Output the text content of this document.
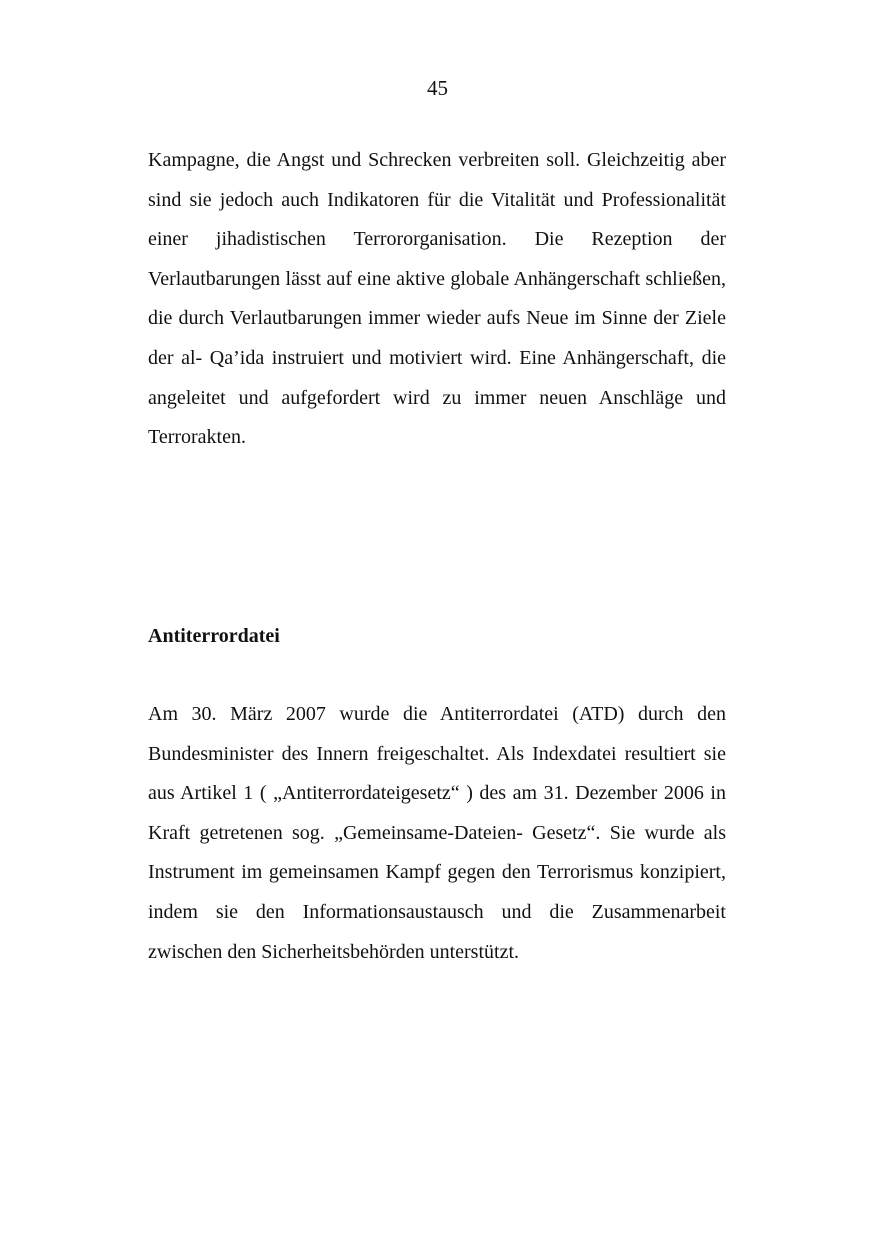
45

Kampagne, die Angst und Schrecken verbreiten soll. Gleichzeitig aber sind sie jedoch auch Indikatoren für die Vitalität und Professionalität einer jihadistischen Terrororganisation. Die Rezeption der Verlautbarungen lässt auf eine aktive globale Anhängerschaft schließen, die durch Verlautbarungen immer wieder aufs Neue im Sinne der Ziele der al- Qa’ida instruiert und motiviert wird. Eine Anhängerschaft, die angeleitet und aufgefordert wird zu immer neuen Anschläge und Terrorakten.

Antiterrordatei

Am 30. März 2007 wurde die Antiterrordatei (ATD) durch den Bundesminister des Innern freigeschaltet. Als Indexdatei resultiert sie aus Artikel 1 ( „Antiterrordateigesetz“ ) des am 31. Dezember 2006 in Kraft getretenen sog. „Gemeinsame-Dateien- Gesetz“. Sie wurde als Instrument im gemeinsamen Kampf gegen den Terrorismus konzipiert, indem sie den Informationsaustausch und die Zusammenarbeit zwischen den Sicherheitsbehörden unterstützt.
